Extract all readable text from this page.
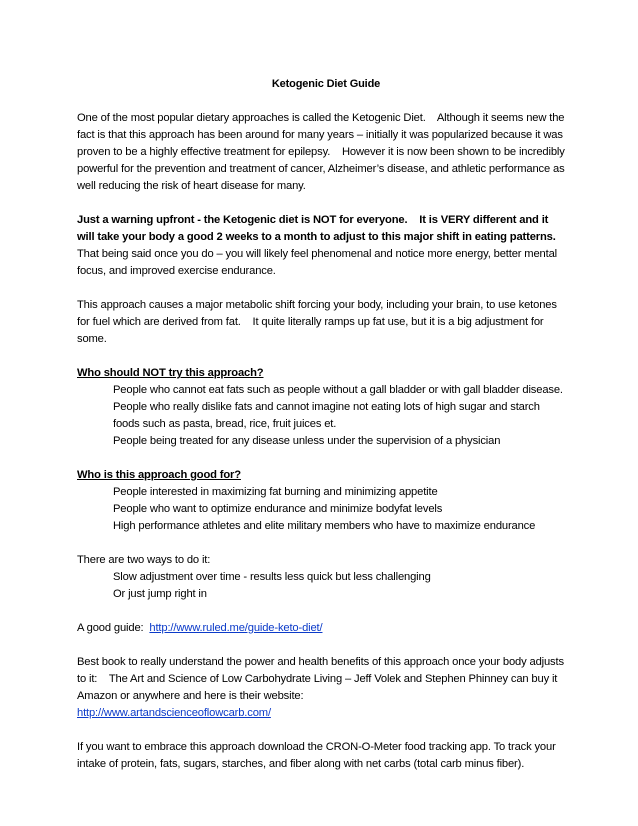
Ketogenic Diet Guide

One of the most popular dietary approaches is called the Ketogenic Diet.    Although it seems new the fact is that this approach has been around for many years – initially it was popularized because it was proven to be a highly effective treatment for epilepsy.    However it is now been shown to be incredibly powerful for the prevention and treatment of cancer, Alzheimer’s disease, and athletic performance as well reducing the risk of heart disease for many.

Just a warning upfront - the Ketogenic diet is NOT for everyone.    It is VERY different and it will take your body a good 2 weeks to a month to adjust to this major shift in eating patterns. That being said once you do – you will likely feel phenomenal and notice more energy, better mental focus, and improved exercise endurance.

This approach causes a major metabolic shift forcing your body, including your brain, to use ketones for fuel which are derived from fat.    It quite literally ramps up fat use, but it is a big adjustment for some.

Who should NOT try this approach?
People who cannot eat fats such as people without a gall bladder or with gall bladder disease.
People who really dislike fats and cannot imagine not eating lots of high sugar and starch foods such as pasta, bread, rice, fruit juices et.
People being treated for any disease unless under the supervision of a physician
Who is this approach good for?
People interested in maximizing fat burning and minimizing appetite
People who want to optimize endurance and minimize bodyfat levels
High performance athletes and elite military members who have to maximize endurance
There are two ways to do it:
Slow adjustment over time - results less quick but less challenging
Or just jump right in

A good guide:  http://www.ruled.me/guide-keto-diet/

Best book to really understand the power and health benefits of this approach once your body adjusts to it:    The Art and Science of Low Carbohydrate Living – Jeff Volek and Stephen Phinney can buy it Amazon or anywhere and here is their website:
http://www.artandscienceoflowcarb.com/

If you want to embrace this approach download the CRON-O-Meter food tracking app. To track your intake of protein, fats, sugars, starches, and fiber along with net carbs (total carb minus fiber).
